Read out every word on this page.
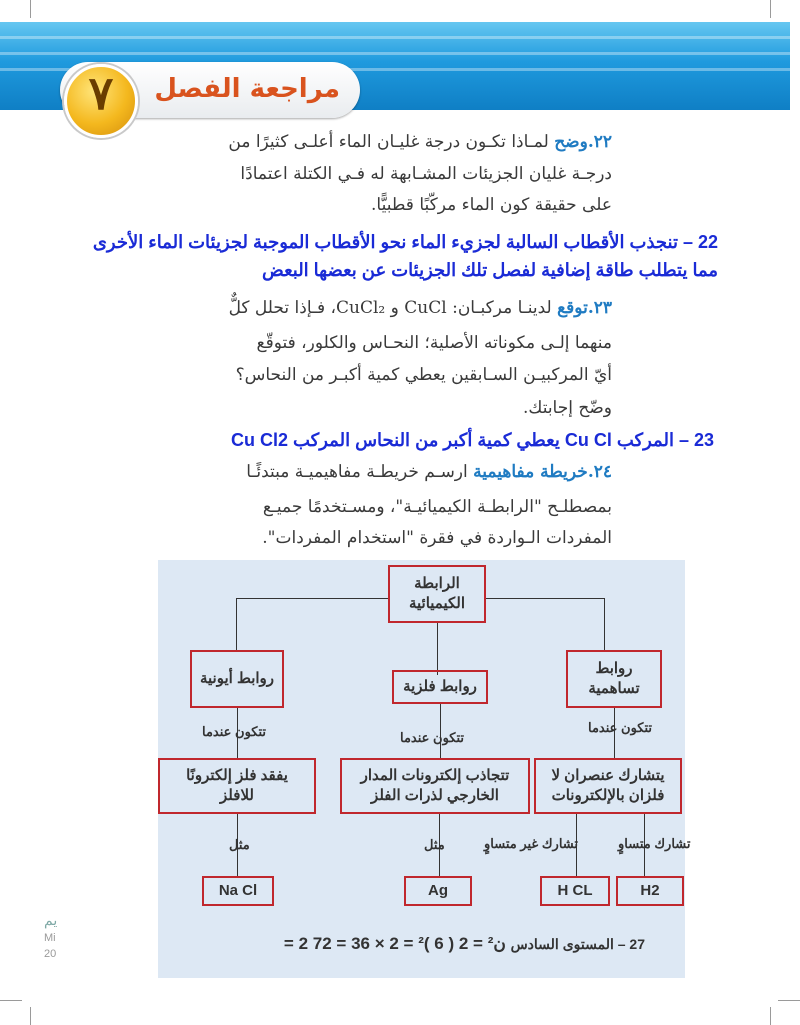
مراجعة الفصل
٧
٢٢.وضح لمـاذا تكـون درجة غليـان الماء أعلـى كثيرًا من
درجـة غليان الجزيئات المشـابهة له فـي الكتلة اعتمادًا
على حقيقة كون الماء مركّبًا قطبيًّا.
22 – تنجذب الأقطاب السالبة لجزيء الماء نحو الأقطاب الموجبة لجزيئات الماء الأخرى
مما يتطلب طاقة إضافية لفصل تلك الجزيئات عن بعضها البعض
٢٣.توقع لدينـا مركبـان: CuCl و CuCl₂، فـإذا تحلل كلٌّ
منهما إلـى مكوناته الأصلية؛ النحـاس والكلور، فتوقّع
أيّ المركبيـن السـابقين يعطي كمية أكبـر من النحاس؟
وضّح إجابتك.
23 – المركب Cu Cl يعطي كمية أكبر من النحاس المركب Cu Cl2
٢٤.خريطة مفاهيمية ارسـم خريطـة مفاهيميـة مبتدئًـا
بمصطلـح "الرابطـة الكيميائيـة"، ومسـتخدمًا جميـع
المفردات الـواردة في فقرة "استخدام المفردات".
يم
Mi
20
الرابطة الكيميائية
روابط أيونية	روابط فلزية
روابط تساهمية
تتكون عندما	تتكون عندما
تتكون عندما
يفقد فلز إلكترونًا للافلز
تتجاذب إلكترونات المدار الخارجي لذرات الفلز
يتشارك عنصران لا فلزان بالإلكترونات
مثل	مثل	تشارك غير متساوٍ	تشارك متساوٍ
Na Cl	Ag	H CL	H2
27 – المستوى السادس = 2 ن² = 2 ( 6 )² = 2 × 36 = 72
